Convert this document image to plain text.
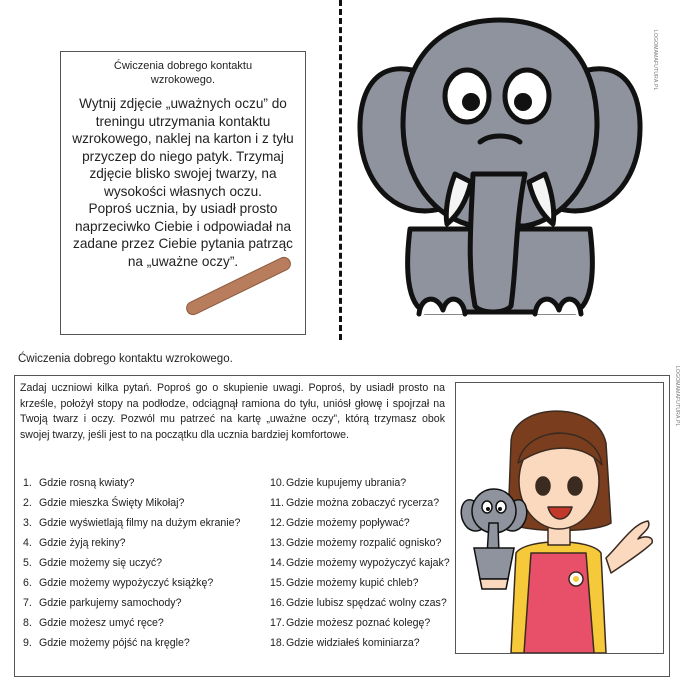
Ćwiczenia dobrego kontaktu
wzrokowego.
Wytnij zdjęcie „uważnych oczu” do
treningu utrzymania kontaktu
wzrokowego, naklej na karton i z tyłu
przyczep do niego patyk. Trzymaj
zdjęcie blisko swojej twarzy, na
wysokości własnych oczu.
Poproś ucznia, by usiadł prosto
naprzeciwko Ciebie i odpowiadał na
zadane przez Ciebie pytania patrząc
na „uważne oczy”.
LOGOMAMAFUTURA.PL
Ćwiczenia dobrego kontaktu wzrokowego.
LOGOMAMAFUTURA.PL
Zadaj uczniowi kilka pytań. Poproś go o skupienie uwagi. Poproś, by usiadł prosto na krześle, położył stopy na podłodze, odciągnął ramiona do tyłu, uniósł głowę i spojrzał na Twoją twarz i oczy. Pozwól mu patrzeć na kartę „uważne oczy”, którą trzymasz obok swojej twarzy, jeśli jest to na początku dla ucznia bardziej komfortowe.
1. Gdzie rosną kwiaty?
2. Gdzie mieszka Święty Mikołaj?
3. Gdzie wyświetlają filmy na dużym ekranie?
4. Gdzie żyją rekiny?
5. Gdzie możemy się uczyć?
6. Gdzie możemy wypożyczyć książkę?
7. Gdzie parkujemy samochody?
8. Gdzie możesz umyć ręce?
9. Gdzie możemy pójść na kręgle?
10.Gdzie kupujemy ubrania?
11. Gdzie można zobaczyć rycerza?
12.Gdzie możemy popływać?
13.Gdzie możemy rozpalić ognisko?
14.Gdzie możemy wypożyczyć kajak?
15.Gdzie możemy kupić chleb?
16.Gdzie lubisz spędzać wolny czas?
17.Gdzie możesz poznać kolegę?
18.Gdzie widziałeś kominiarza?
